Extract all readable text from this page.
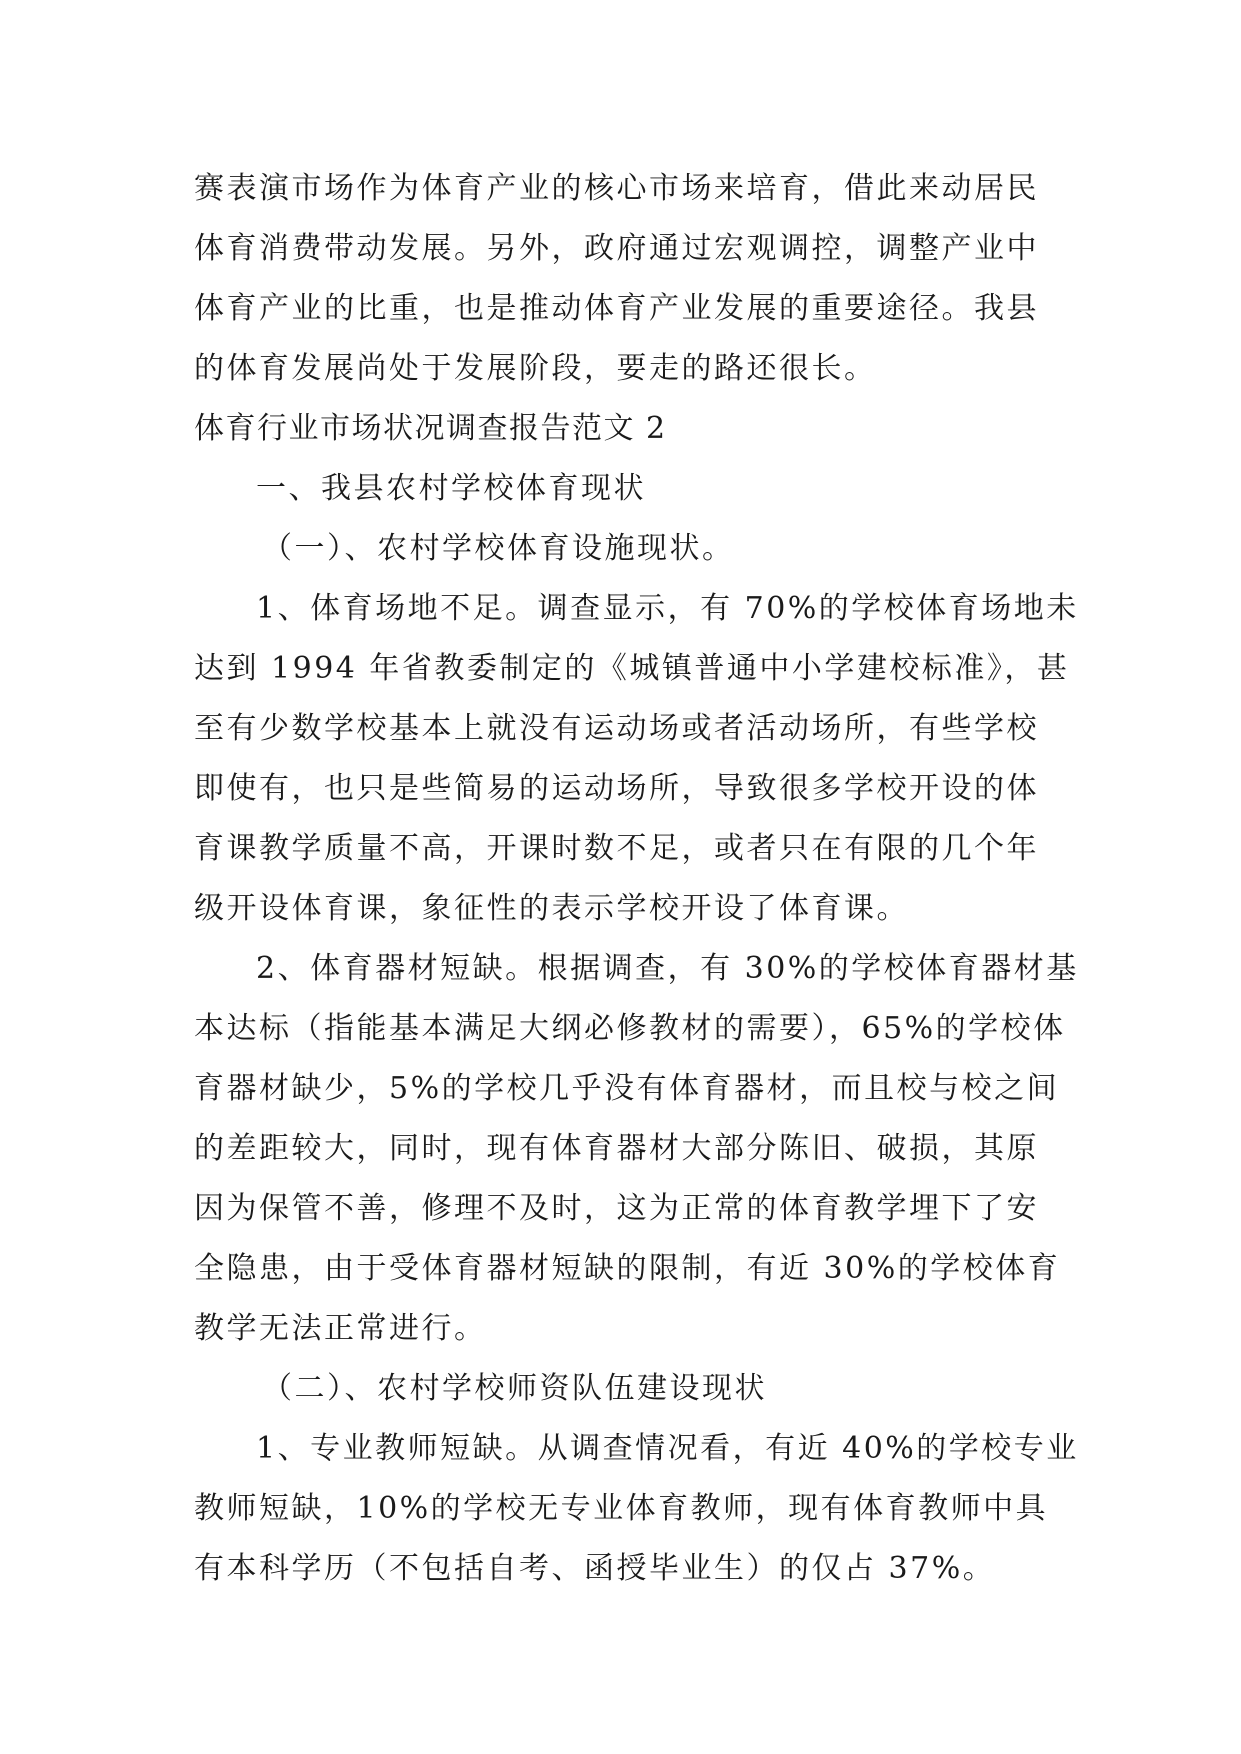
赛表演市场作为体育产业的核心市场来培育，借此来动居民
体育消费带动发展。另外，政府通过宏观调控，调整产业中
体育产业的比重，也是推动体育产业发展的重要途径。我县
的体育发展尚处于发展阶段，要走的路还很长。
体育行业市场状况调查报告范文 2
一、我县农村学校体育现状
（一）、农村学校体育设施现状。
1、体育场地不足。调查显示，有 70%的学校体育场地未
达到 1994 年省教委制定的《城镇普通中小学建校标准》，甚
至有少数学校基本上就没有运动场或者活动场所，有些学校
即使有，也只是些简易的运动场所，导致很多学校开设的体
育课教学质量不高，开课时数不足，或者只在有限的几个年
级开设体育课，象征性的表示学校开设了体育课。
2、体育器材短缺。根据调查，有 30%的学校体育器材基
本达标（指能基本满足大纲必修教材的需要），65%的学校体
育器材缺少，5%的学校几乎没有体育器材，而且校与校之间
的差距较大，同时，现有体育器材大部分陈旧、破损，其原
因为保管不善，修理不及时，这为正常的体育教学埋下了安
全隐患，由于受体育器材短缺的限制，有近 30%的学校体育
教学无法正常进行。
（二）、农村学校师资队伍建设现状
1、专业教师短缺。从调查情况看，有近 40%的学校专业
教师短缺，10%的学校无专业体育教师，现有体育教师中具
有本科学历（不包括自考、函授毕业生）的仅占 37%。
